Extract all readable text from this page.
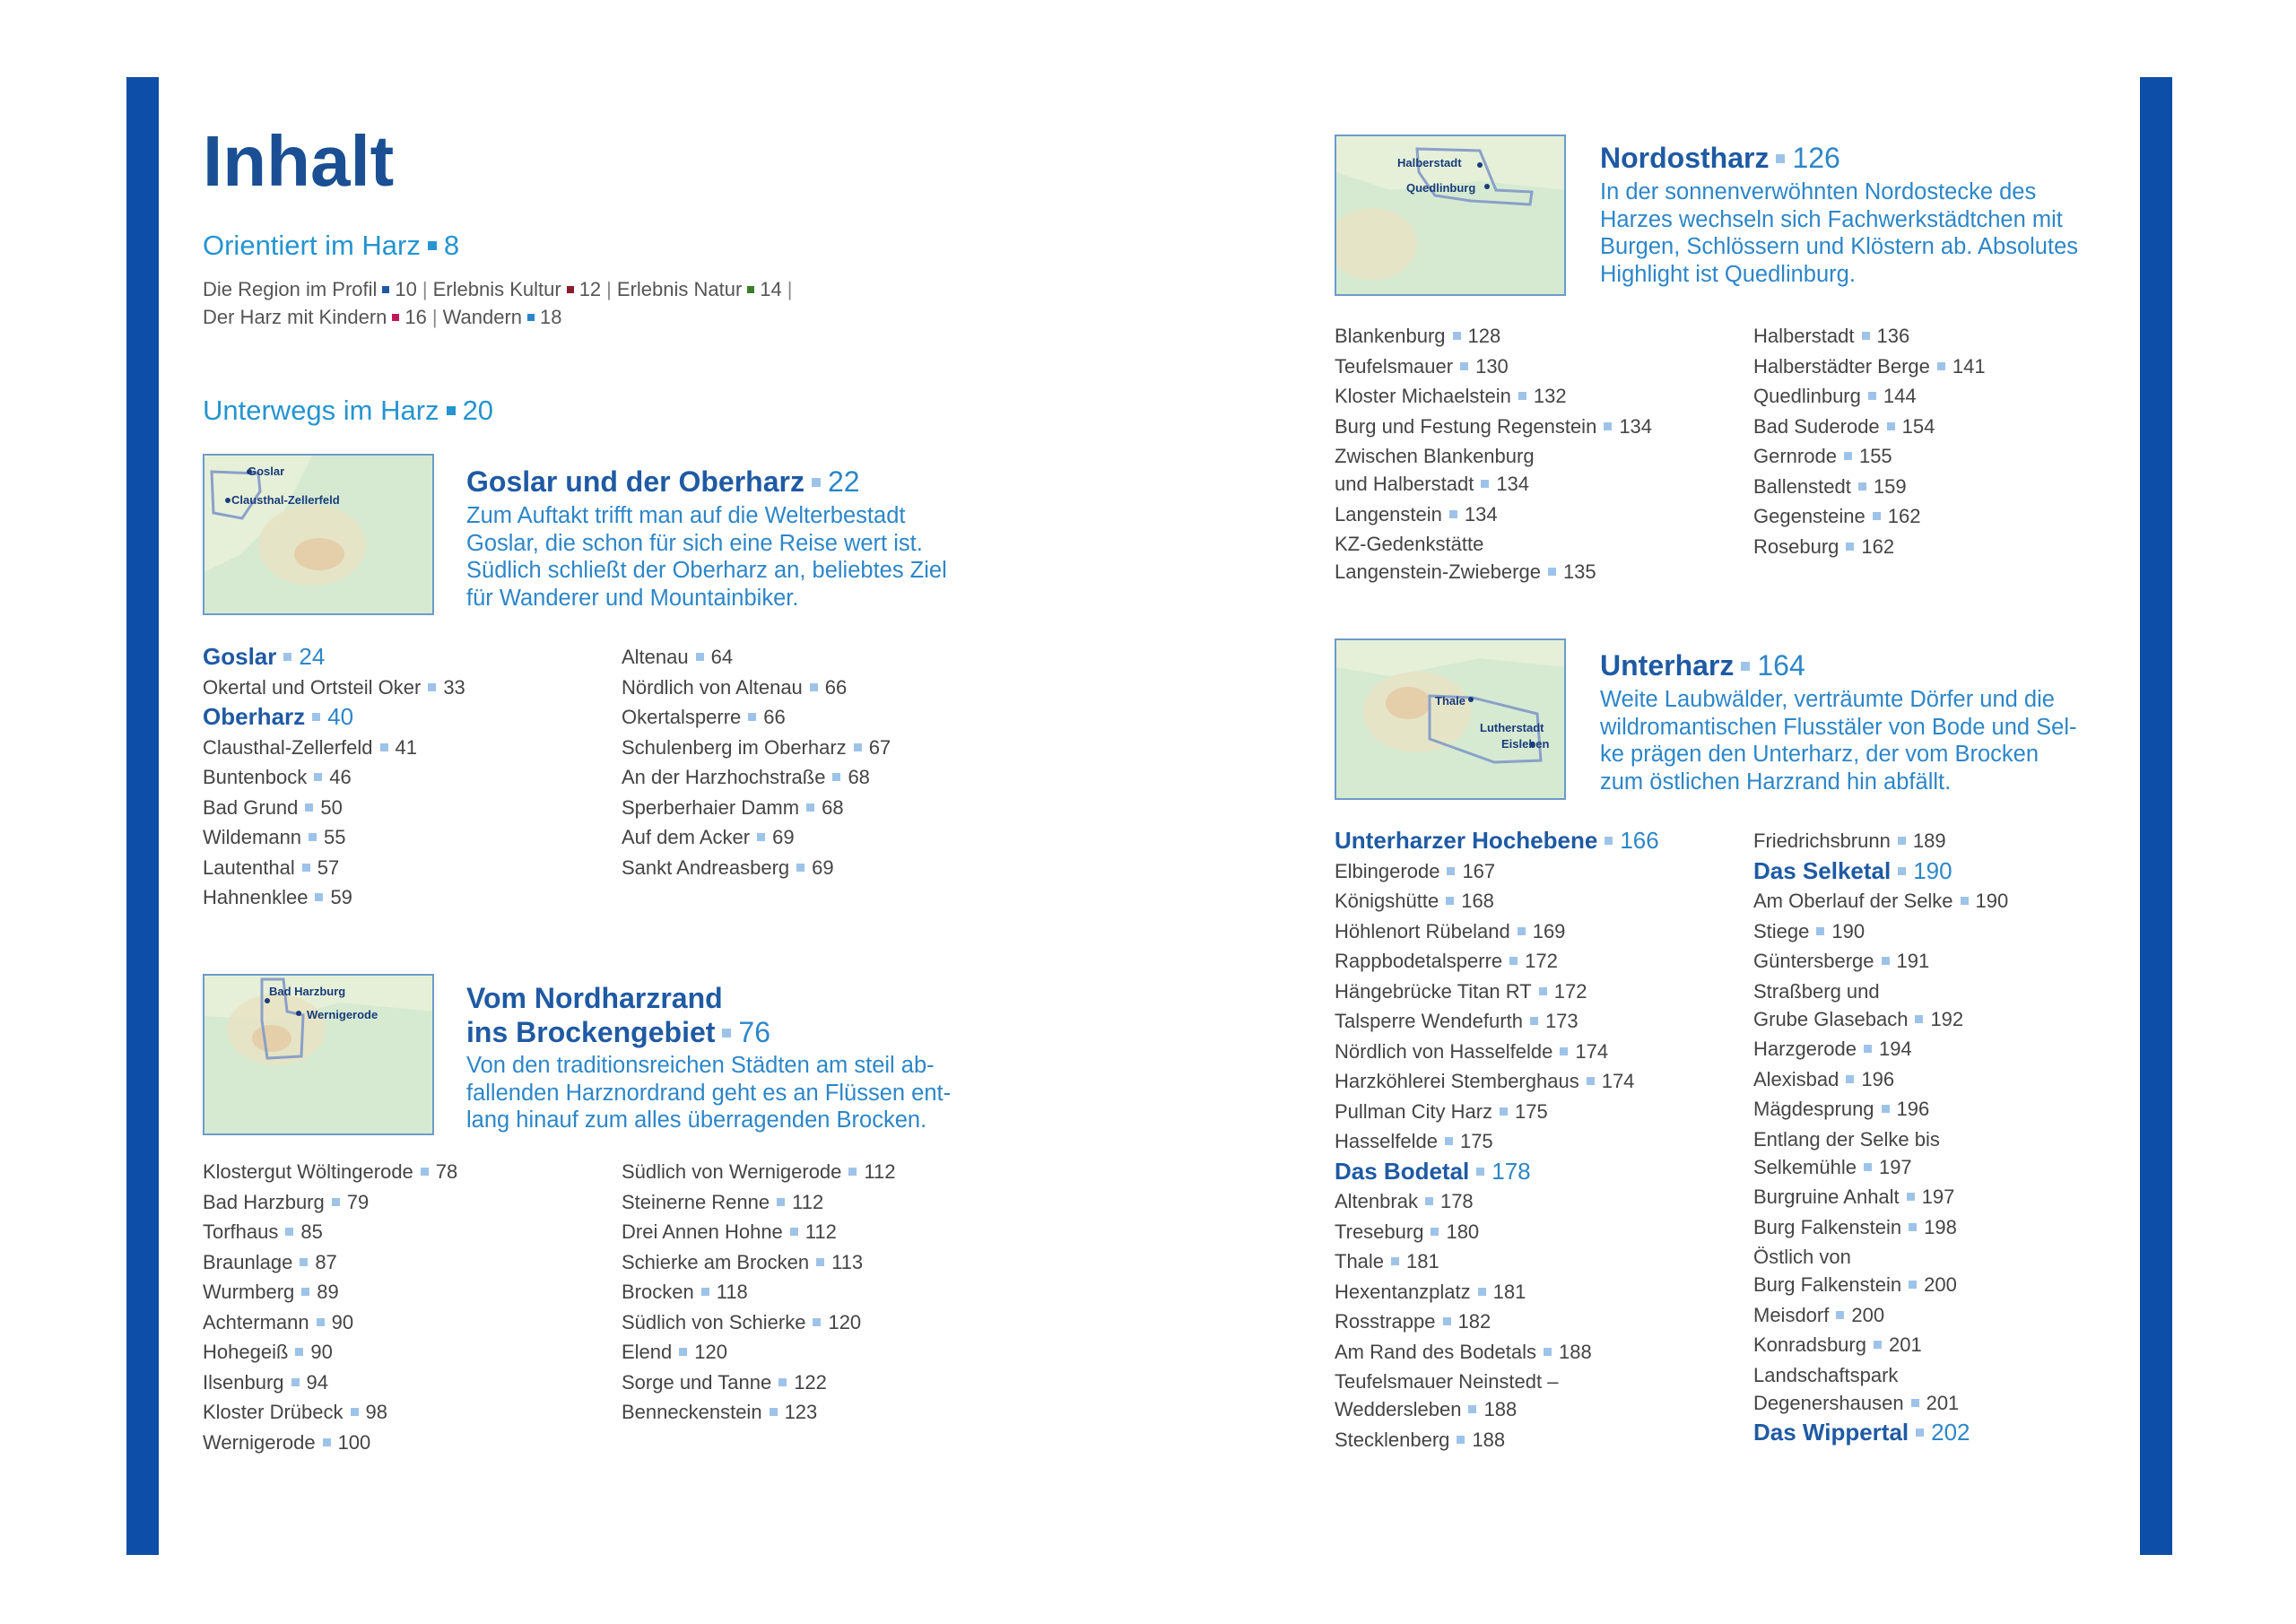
Inhalt
Orientiert im Harz 8
Die Region im Profil 10 | Erlebnis Kultur 12 | Erlebnis Natur 14 |
Der Harz mit Kindern 16 | Wandern 18
Unterwegs im Harz 20
Goslar
Clausthal-Zellerfeld
Goslar und der Oberharz 22
Zum Auftakt trifft man auf die Welterbestadt
Goslar, die schon für sich eine Reise wert ist.
Südlich schließt der Oberharz an, beliebtes Ziel
für Wanderer und Mountainbiker.
Goslar 24
Okertal und Ortsteil Oker 33
Oberharz 40
Clausthal-Zellerfeld 41
Buntenbock 46
Bad Grund 50
Wildemann 55
Lautenthal 57
Hahnenklee 59
Altenau 64
Nördlich von Altenau 66
Okertalsperre 66
Schulenberg im Oberharz 67
An der Harzhochstraße 68
Sperberhaier Damm 68
Auf dem Acker 69
Sankt Andreasberg 69
Bad Harzburg
Wernigerode
Vom Nordharzrand
ins Brockengebiet 76
Von den traditionsreichen Städten am steil ab-
fallenden Harznordrand geht es an Flüssen ent-
lang hinauf zum alles überragenden Brocken.
Klostergut Wöltingerode 78
Bad Harzburg 79
Torfhaus 85
Braunlage 87
Wurmberg 89
Achtermann 90
Hohegeiß 90
Ilsenburg 94
Kloster Drübeck 98
Wernigerode 100
Südlich von Wernigerode 112
Steinerne Renne 112
Drei Annen Hohne 112
Schierke am Brocken 113
Brocken 118
Südlich von Schierke 120
Elend 120
Sorge und Tanne 122
Benneckenstein 123
Halberstadt
Quedlinburg
Nordostharz 126
In der sonnenverwöhnten Nordostecke des
Harzes wechseln sich Fachwerkstädtchen mit
Burgen, Schlössern und Klöstern ab. Absolutes
Highlight ist Quedlinburg.
Blankenburg 128
Teufelsmauer 130
Kloster Michaelstein 132
Burg und Festung Regenstein 134
Zwischen Blankenburg
und Halberstadt 134
Langenstein 134
KZ-Gedenkstätte
Langenstein-Zwieberge 135
Halberstadt 136
Halberstädter Berge 141
Quedlinburg 144
Bad Suderode 154
Gernrode 155
Ballenstedt 159
Gegensteine 162
Roseburg 162
Thale
Lutherstadt
Eisleben
Unterharz 164
Weite Laubwälder, verträumte Dörfer und die
wildromantischen Flusstäler von Bode und Sel-
ke prägen den Unterharz, der vom Brocken
zum östlichen Harzrand hin abfällt.
Unterharzer Hochebene 166
Elbingerode 167
Königshütte 168
Höhlenort Rübeland 169
Rappbodetalsperre 172
Hängebrücke Titan RT 172
Talsperre Wendefurth 173
Nördlich von Hasselfelde 174
Harzköhlerei Stemberghaus 174
Pullman City Harz 175
Hasselfelde 175
Das Bodetal 178
Altenbrak 178
Treseburg 180
Thale 181
Hexentanzplatz 181
Rosstrappe 182
Am Rand des Bodetals 188
Teufelsmauer Neinstedt –
Weddersleben 188
Stecklenberg 188
Friedrichsbrunn 189
Das Selketal 190
Am Oberlauf der Selke 190
Stiege 190
Güntersberge 191
Straßberg und
Grube Glasebach 192
Harzgerode 194
Alexisbad 196
Mägdesprung 196
Entlang der Selke bis
Selkemühle 197
Burgruine Anhalt 197
Burg Falkenstein 198
Östlich von
Burg Falkenstein 200
Meisdorf 200
Konradsburg 201
Landschaftspark
Degenershausen 201
Das Wippertal 202
